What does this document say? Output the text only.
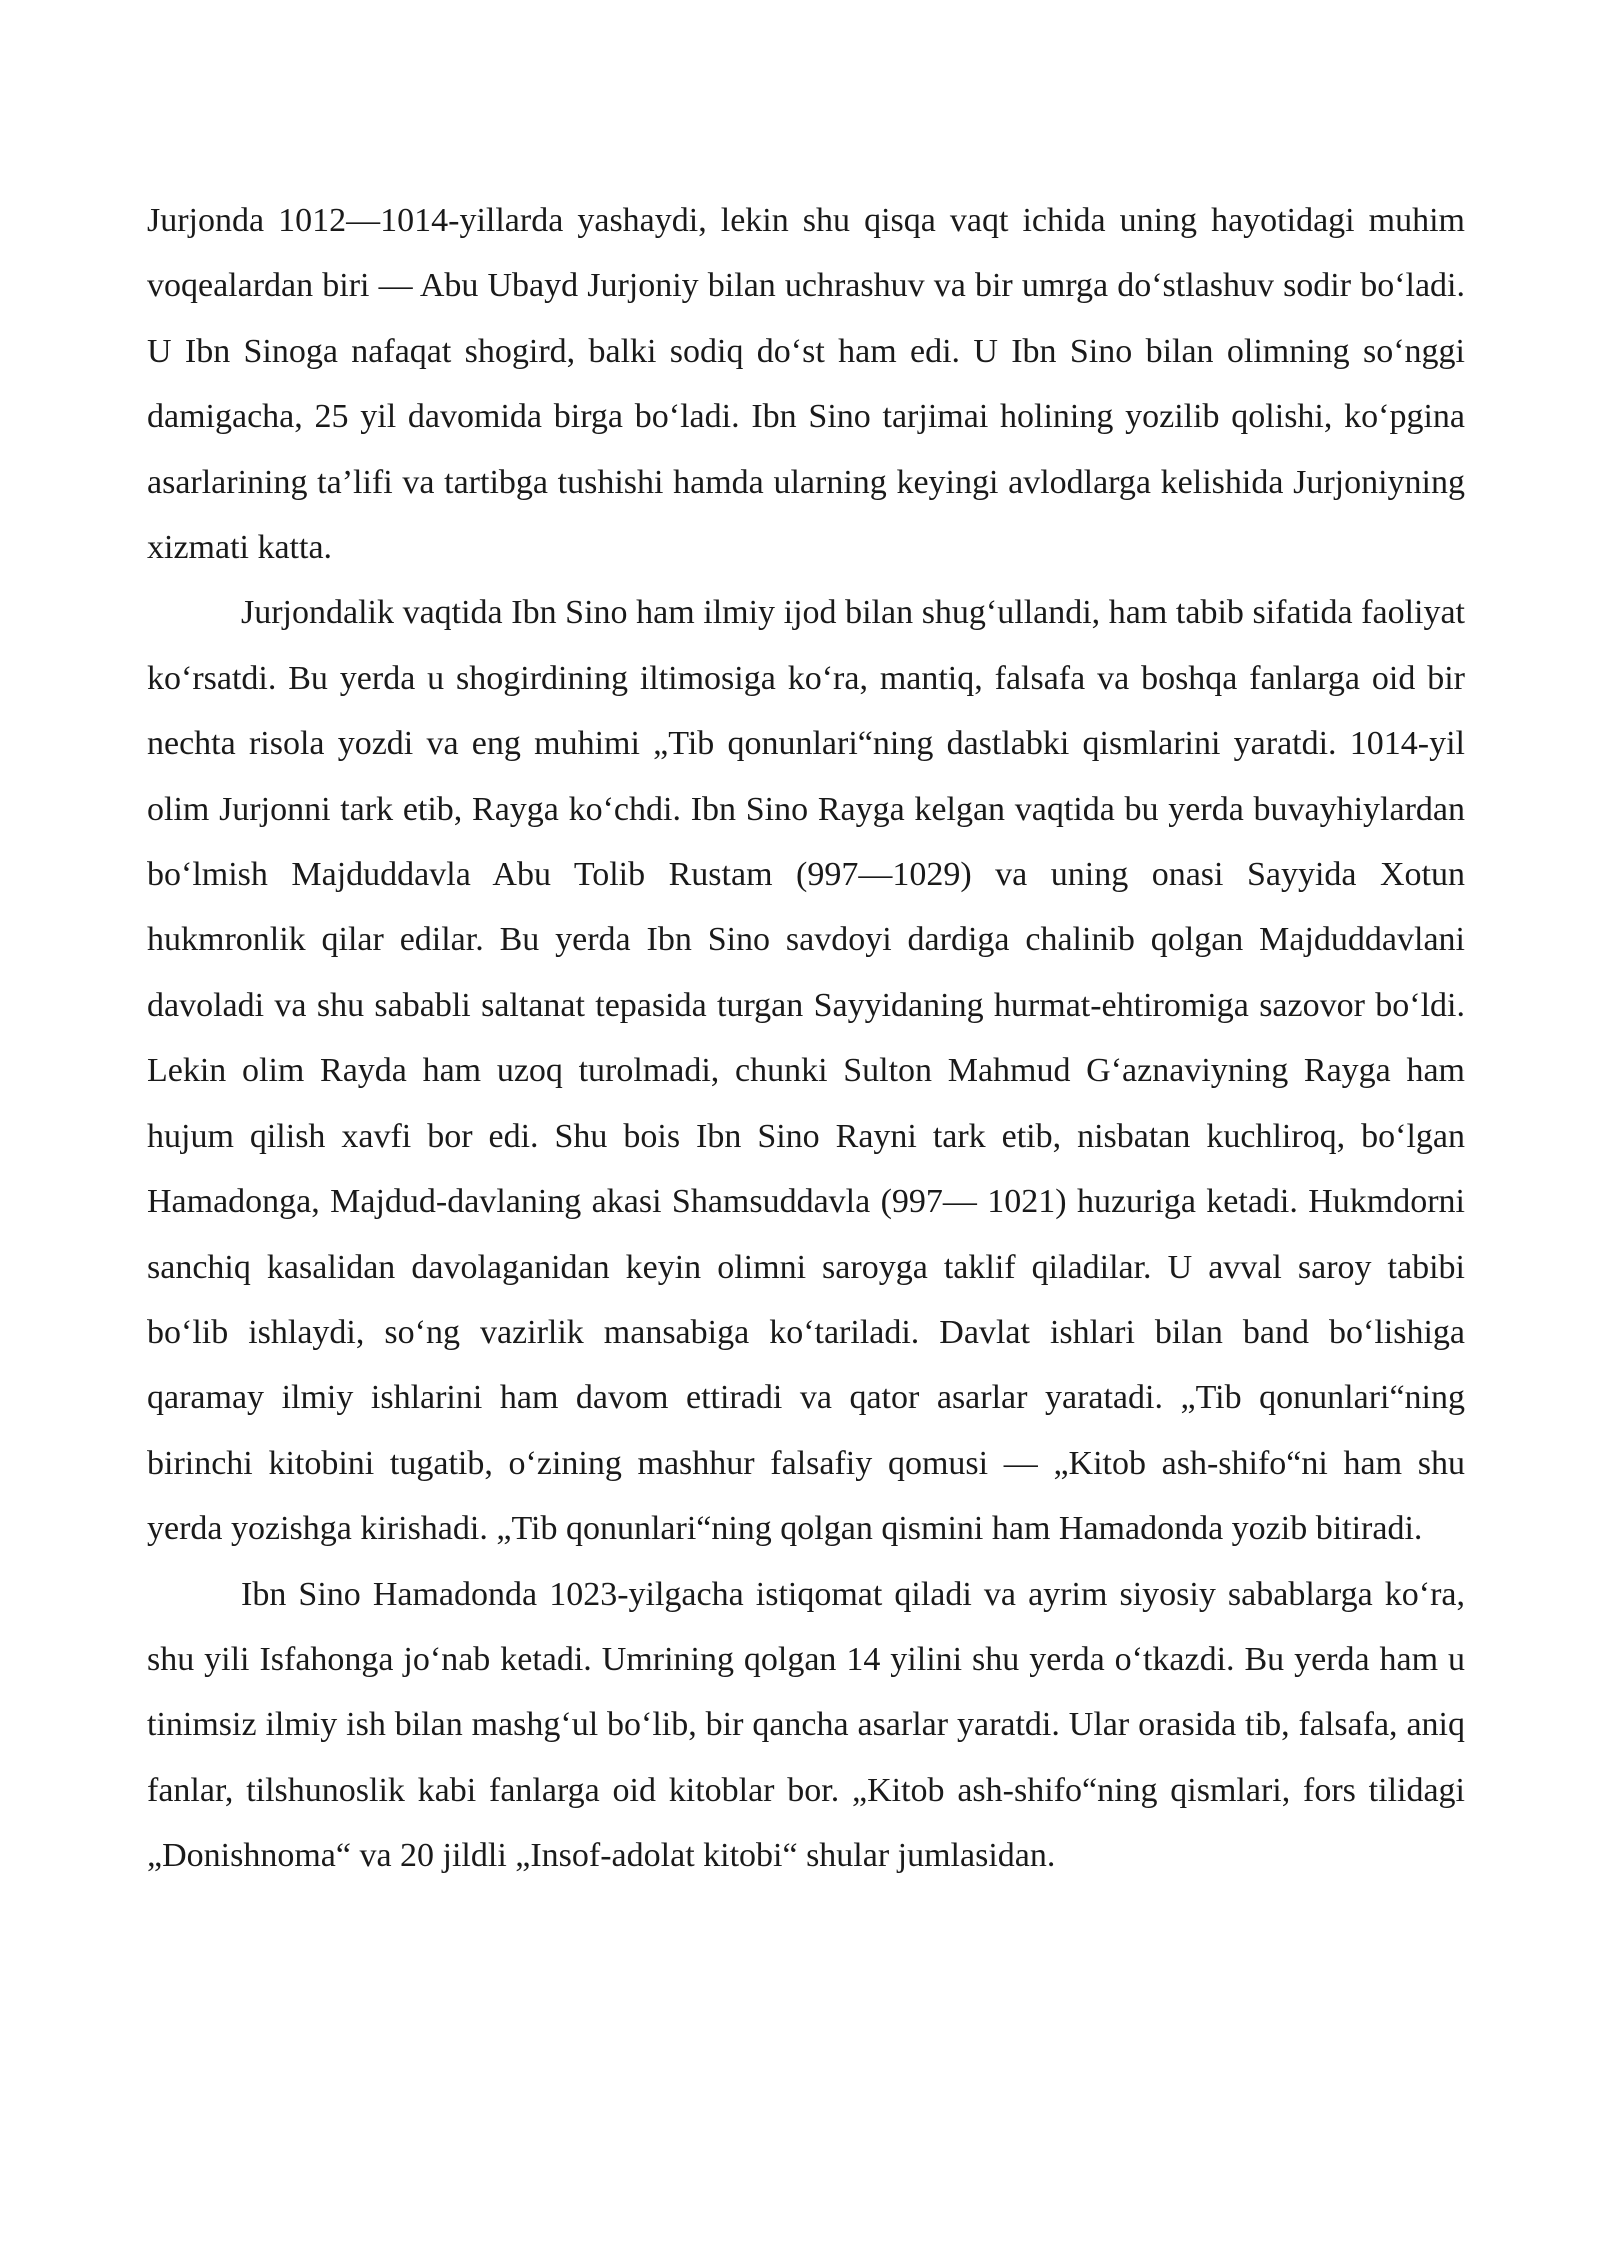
Jurjonda 1012—1014-yillarda yashaydi, lekin shu qisqa vaqt ichida uning hayotidagi muhim voqealardan biri — Abu Ubayd Jurjoniy bilan uchrashuv va bir umrga do‘stlashuv sodir bo‘ladi. U Ibn Sinoga nafaqat shogird, balki sodiq do‘st ham edi. U Ibn Sino bilan olimning so‘nggi damigacha, 25 yil davomida birga bo‘ladi. Ibn Sino tarjimai holining yozilib qolishi, ko‘pgina asarlarining ta’lifi va tartibga tushishi hamda ularning keyingi avlodlarga kelishida Jurjoniyning xizmati katta.

Jurjondalik vaqtida Ibn Sino ham ilmiy ijod bilan shug‘ullandi, ham tabib sifatida faoliyat ko‘rsatdi. Bu yerda u shogirdining iltimosiga ko‘ra, mantiq, falsafa va boshqa fanlarga oid bir nechta risola yozdi va eng muhimi „Tib qonunlari“ning dastlabki qismlarini yaratdi. 1014-yil olim Jurjonni tark etib, Rayga ko‘chdi. Ibn Sino Rayga kelgan vaqtida bu yerda buvayhiylardan bo‘lmish Majduddavla Abu Tolib Rustam (997—1029) va uning onasi Sayyida Xotun hukmronlik qilar edilar. Bu yerda Ibn Sino savdoyi dardiga chalinib qolgan Majduddavlani davoladi va shu sababli saltanat tepasida turgan Sayyidaning hurmat-ehtiromiga sazovor bo‘ldi. Lekin olim Rayda ham uzoq turolmadi, chunki Sulton Mahmud G‘aznaviyning Rayga ham hujum qilish xavfi bor edi. Shu bois Ibn Sino Rayni tark etib, nisbatan kuchliroq, bo‘lgan Hamadonga, Majdud-davlaning akasi Shamsuddavla (997— 1021) huzuriga ketadi. Hukmdorni sanchiq kasalidan davolaganidan keyin olimni saroyga taklif qiladilar. U avval saroy tabibi bo‘lib ishlaydi, so‘ng vazirlik mansabiga ko‘tariladi. Davlat ishlari bilan band bo‘lishiga qaramay ilmiy ishlarini ham davom ettiradi va qator asarlar yaratadi. „Tib qonunlari“ning birinchi kitobini tugatib, o‘zining mashhur falsafiy qomusi — „Kitob ash-shifo“ni ham shu yerda yozishga kirishadi. „Tib qonunlari“ning qolgan qismini ham Hamadonda yozib bitiradi.

Ibn Sino Hamadonda 1023-yilgacha istiqomat qiladi va ayrim siyosiy sabablarga ko‘ra, shu yili Isfahonga jo‘nab ketadi. Umrining qolgan 14 yilini shu yerda o‘tkazdi. Bu yerda ham u tinimsiz ilmiy ish bilan mashg‘ul bo‘lib, bir qancha asarlar yaratdi. Ular orasida tib, falsafa, aniq fanlar, tilshunoslik kabi fanlarga oid kitoblar bor. „Kitob ash-shifo“ning qismlari, fors tilidagi „Donishnoma“ va 20 jildli „Insof-adolat kitobi“ shular jumlasidan.
